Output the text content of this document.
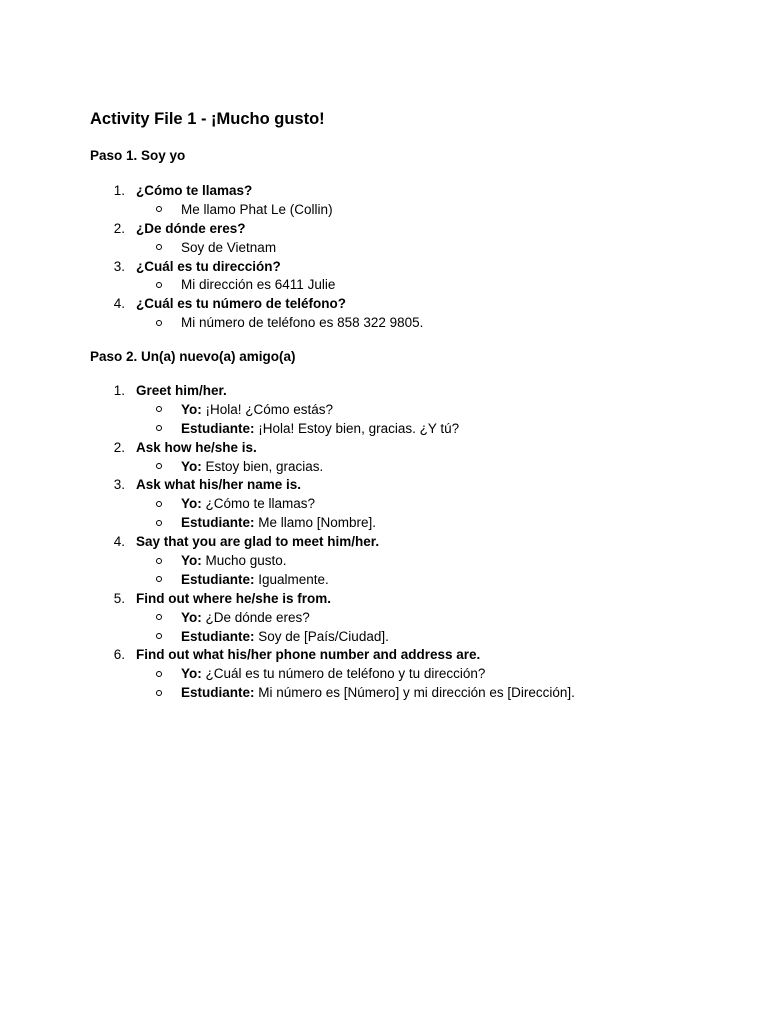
Activity File 1 - ¡Mucho gusto!
Paso 1. Soy yo
1. ¿Cómo te llamas?
Me llamo Phat Le (Collin)
2. ¿De dónde eres?
Soy de Vietnam
3. ¿Cuál es tu dirección?
Mi dirección es 6411 Julie
4. ¿Cuál es tu número de teléfono?
Mi número de teléfono es 858 322 9805.
Paso 2. Un(a) nuevo(a) amigo(a)
1. Greet him/her.
Yo: ¡Hola! ¿Cómo estás?
Estudiante: ¡Hola! Estoy bien, gracias. ¿Y tú?
2. Ask how he/she is.
Yo: Estoy bien, gracias.
3. Ask what his/her name is.
Yo: ¿Cómo te llamas?
Estudiante: Me llamo [Nombre].
4. Say that you are glad to meet him/her.
Yo: Mucho gusto.
Estudiante: Igualmente.
5. Find out where he/she is from.
Yo: ¿De dónde eres?
Estudiante: Soy de [País/Ciudad].
6. Find out what his/her phone number and address are.
Yo: ¿Cuál es tu número de teléfono y tu dirección?
Estudiante: Mi número es [Número] y mi dirección es [Dirección].
